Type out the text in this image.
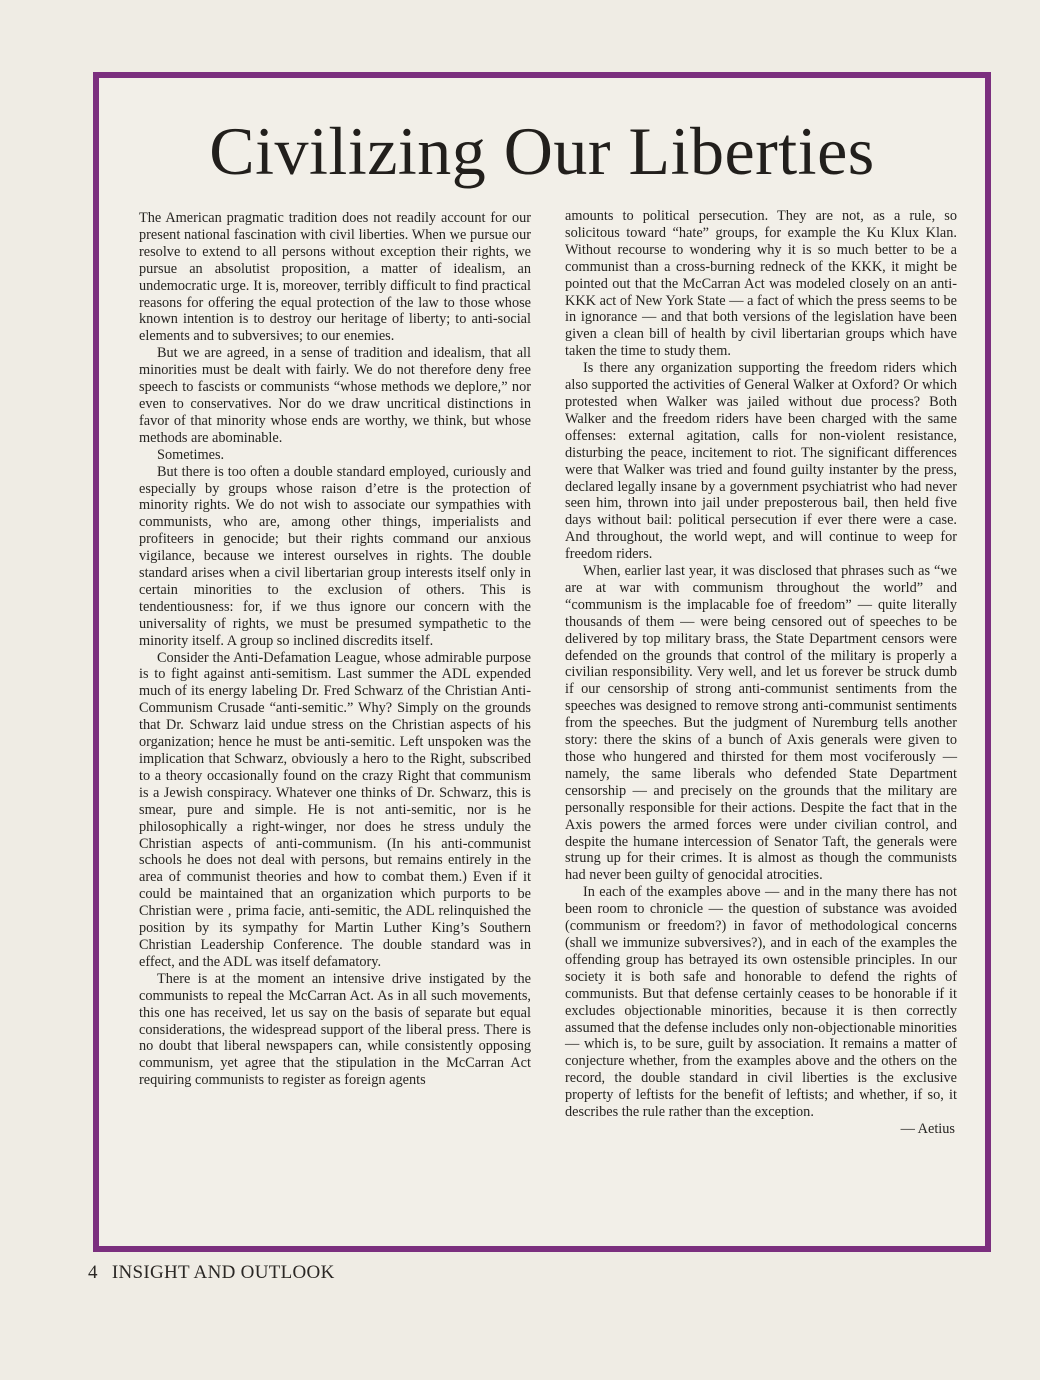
Civilizing Our Liberties

The American pragmatic tradition does not readily account for our present national fascination with civil liberties. When we pursue our resolve to extend to all persons without exception their rights, we pursue an absolutist proposition, a matter of idealism, an undemocratic urge. It is, moreover, terribly difficult to find practical reasons for offering the equal protection of the law to those whose known intention is to destroy our heritage of liberty; to anti-social elements and to subversives; to our enemies.

But we are agreed, in a sense of tradition and idealism, that all minorities must be dealt with fairly. We do not therefore deny free speech to fascists or communists “whose methods we deplore,” nor even to conservatives. Nor do we draw uncritical distinctions in favor of that minority whose ends are worthy, we think, but whose methods are abominable.

Sometimes.

But there is too often a double standard employed, curiously and especially by groups whose raison d’etre is the protection of minority rights. We do not wish to associate our sympathies with communists, who are, among other things, imperialists and profiteers in genocide; but their rights command our anxious vigilance, because we interest ourselves in rights. The double standard arises when a civil libertarian group interests itself only in certain minorities to the exclusion of others. This is tendentiousness: for, if we thus ignore our concern with the universality of rights, we must be presumed sympathetic to the minority itself. A group so inclined discredits itself.

Consider the Anti-Defamation League, whose admirable purpose is to fight against anti-semitism. Last summer the ADL expended much of its energy labeling Dr. Fred Schwarz of the Christian Anti-Communism Crusade “anti-semitic.” Why? Simply on the grounds that Dr. Schwarz laid undue stress on the Christian aspects of his organization; hence he must be anti-semitic. Left unspoken was the implication that Schwarz, obviously a hero to the Right, subscribed to a theory occasionally found on the crazy Right that communism is a Jewish conspiracy. Whatever one thinks of Dr. Schwarz, this is smear, pure and simple. He is not anti-semitic, nor is he philosophically a right-winger, nor does he stress unduly the Christian aspects of anti-communism. (In his anti-communist schools he does not deal with persons, but remains entirely in the area of communist theories and how to combat them.) Even if it could be maintained that an organization which purports to be Christian were , prima facie, anti-semitic, the ADL relinquished the position by its sympathy for Martin Luther King’s Southern Christian Leadership Conference. The double standard was in effect, and the ADL was itself defamatory.

There is at the moment an intensive drive instigated by the communists to repeal the McCarran Act. As in all such movements, this one has received, let us say on the basis of separate but equal considerations, the widespread support of the liberal press. There is no doubt that liberal newspapers can, while consistently opposing communism, yet agree that the stipulation in the McCarran Act requiring communists to register as foreign agents

amounts to political persecution. They are not, as a rule, so solicitous toward “hate” groups, for example the Ku Klux Klan. Without recourse to wondering why it is so much better to be a communist than a cross-burning redneck of the KKK, it might be pointed out that the McCarran Act was modeled closely on an anti-KKK act of New York State — a fact of which the press seems to be in ignorance — and that both versions of the legislation have been given a clean bill of health by civil libertarian groups which have taken the time to study them.

Is there any organization supporting the freedom riders which also supported the activities of General Walker at Oxford? Or which protested when Walker was jailed without due process? Both Walker and the freedom riders have been charged with the same offenses: external agitation, calls for non-violent resistance, disturbing the peace, incitement to riot. The significant differences were that Walker was tried and found guilty instanter by the press, declared legally insane by a government psychiatrist who had never seen him, thrown into jail under preposterous bail, then held five days without bail: political persecution if ever there were a case. And throughout, the world wept, and will continue to weep for freedom riders.

When, earlier last year, it was disclosed that phrases such as “we are at war with communism throughout the world” and “communism is the implacable foe of freedom” — quite literally thousands of them — were being censored out of speeches to be delivered by top military brass, the State Department censors were defended on the grounds that control of the military is properly a civilian responsibility. Very well, and let us forever be struck dumb if our censorship of strong anti-communist sentiments from the speeches was designed to remove strong anti-communist sentiments from the speeches. But the judgment of Nuremburg tells another story: there the skins of a bunch of Axis generals were given to those who hungered and thirsted for them most vociferously — namely, the same liberals who defended State Department censorship — and precisely on the grounds that the military are personally responsible for their actions. Despite the fact that in the Axis powers the armed forces were under civilian control, and despite the humane intercession of Senator Taft, the generals were strung up for their crimes. It is almost as though the communists had never been guilty of genocidal atrocities.

In each of the examples above — and in the many there has not been room to chronicle — the question of substance was avoided (communism or freedom?) in favor of methodological concerns (shall we immunize subversives?), and in each of the examples the offending group has betrayed its own ostensible principles. In our society it is both safe and honorable to defend the rights of communists. But that defense certainly ceases to be honorable if it excludes objectionable minorities, because it is then correctly assumed that the defense includes only non-objectionable minorities — which is, to be sure, guilt by association. It remains a matter of conjecture whether, from the examples above and the others on the record, the double standard in civil liberties is the exclusive property of leftists for the benefit of leftists; and whether, if so, it describes the rule rather than the exception.

— Aetius

4 INSIGHT AND OUTLOOK
